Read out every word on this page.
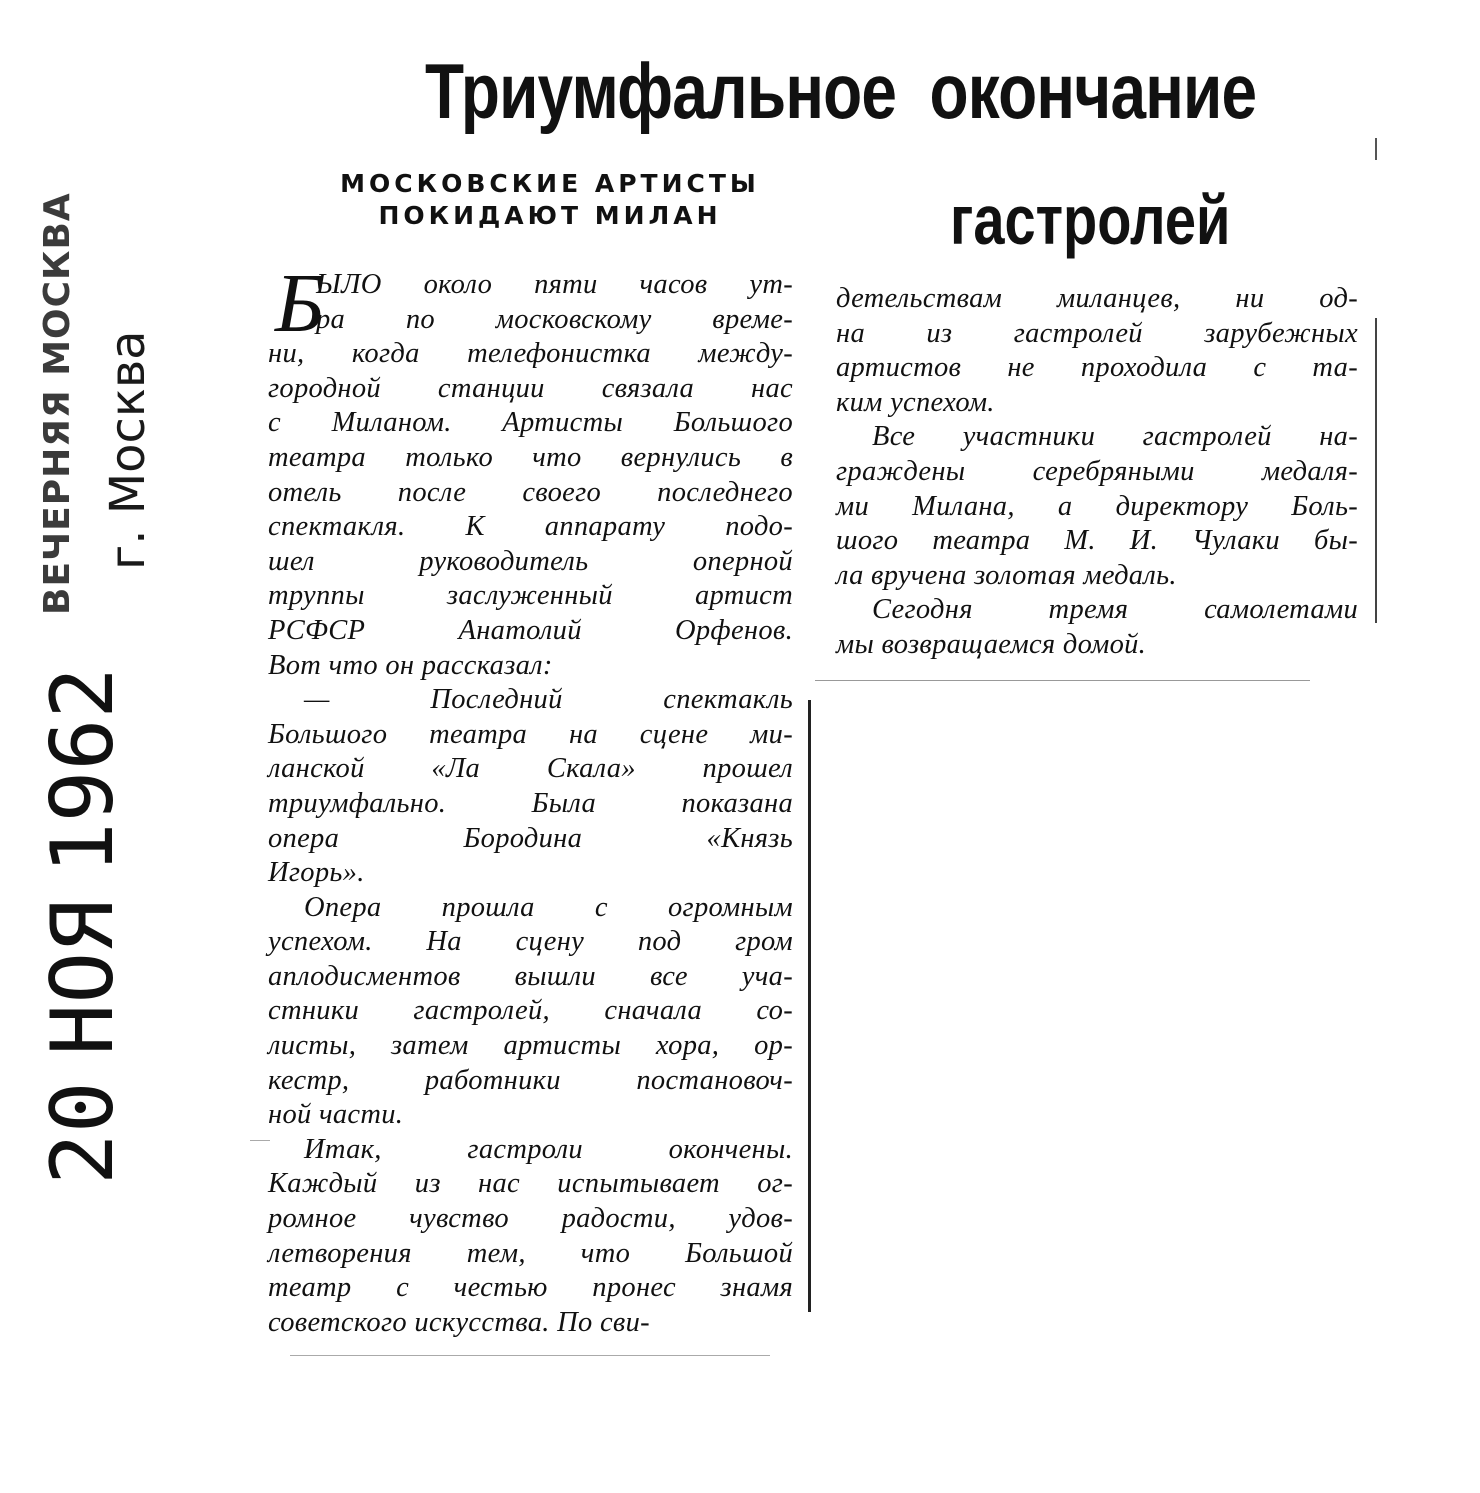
ВЕЧЕРНЯЯ МОСКВА г. Москва
20НОЯ1962
Триумфальное окончание
гастролей
МОСКОВСКИЕ АРТИСТЫ
ПОКИДАЮТ МИЛАН
Б
ЫЛО около пяти часов ут-
ра по московскому време-
ни, когда телефонистка между-
городной станции связала нас
с Миланом. Артисты Большого
театра только что вернулись в
отель после своего последнего
спектакля. К аппарату подо-
шел руководитель оперной
труппы заслуженный артист
РСФСР Анатолий Орфенов.
Вот что он рассказал:
— Последний спектакль
Большого театра на сцене ми-
ланской «Ла Скала» прошел
триумфально. Была показана
опера Бородина «Князь
Игорь».
Опера прошла с огромным
успехом. На сцену под гром
аплодисментов вышли все уча-
стники гастролей, сначала со-
листы, затем артисты хора, ор-
кестр, работники постановоч-
ной части.
Итак, гастроли окончены.
Каждый из нас испытывает ог-
ромное чувство радости, удов-
летворения тем, что Большой
театр с честью пронес знамя
советского искусства. По сви-
детельствам миланцев, ни од-
на из гастролей зарубежных
артистов не проходила с та-
ким успехом.
Все участники гастролей на-
граждены серебряными медаля-
ми Милана, а директору Боль-
шого театра М. И. Чулаки бы-
ла вручена золотая медаль.
Сегодня тремя самолетами
мы возвращаемся домой.
